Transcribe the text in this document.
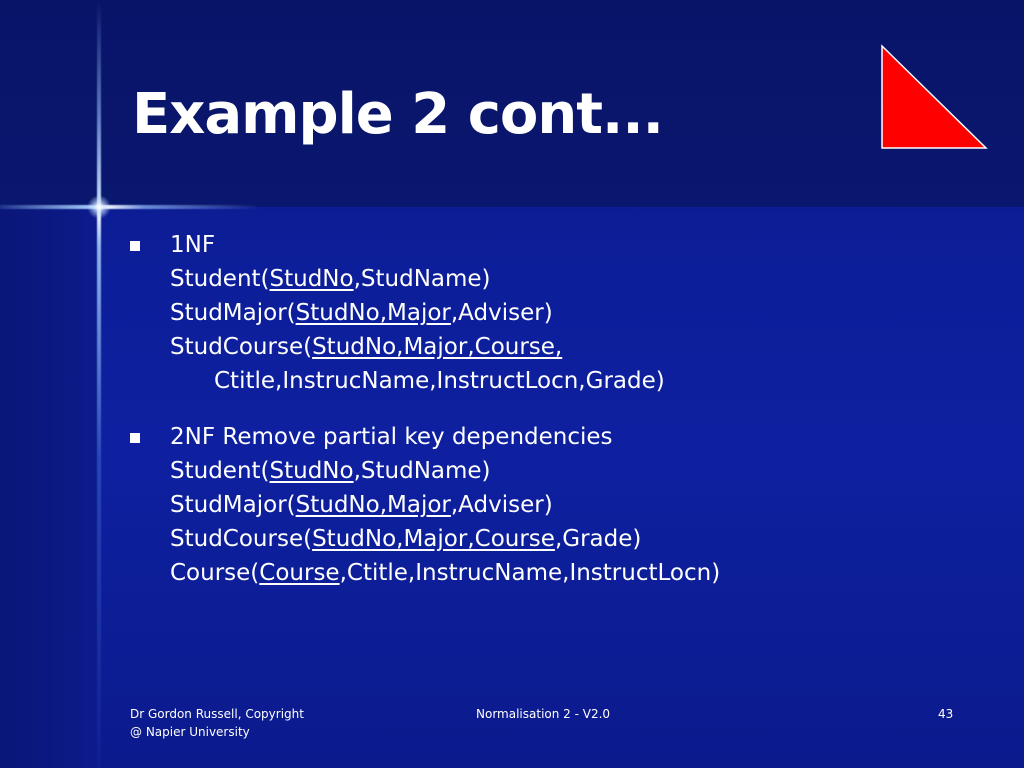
Example 2 cont...
1NF
Student(StudNo,StudName)
StudMajor(StudNo,Major,Adviser)
StudCourse(StudNo,Major,Course,
Ctitle,InstrucName,InstructLocn,Grade)
2NF Remove partial key dependencies
Student(StudNo,StudName)
StudMajor(StudNo,Major,Adviser)
StudCourse(StudNo,Major,Course,Grade)
Course(Course,Ctitle,InstrucName,InstructLocn)
Dr Gordon Russell, Copyright
@ Napier University
Normalisation 2 - V2.0	43
